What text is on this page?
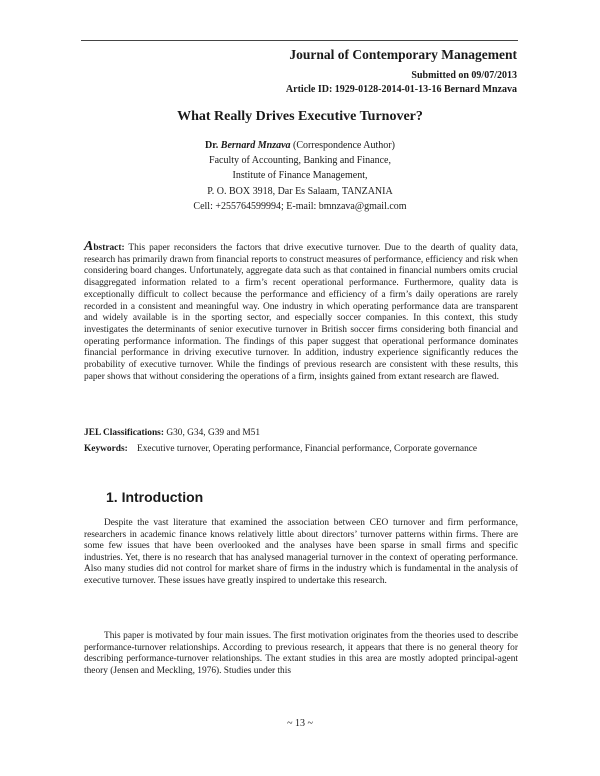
Journal of Contemporary Management
Submitted on 09/07/2013
Article ID: 1929-0128-2014-01-13-16 Bernard Mnzava
What Really Drives Executive Turnover?
Dr. Bernard Mnzava (Correspondence Author)
Faculty of Accounting, Banking and Finance,
Institute of Finance Management,
P. O. BOX 3918, Dar Es Salaam, TANZANIA
Cell: +255764599994; E-mail: bmnzava@gmail.com
Abstract: This paper reconsiders the factors that drive executive turnover. Due to the dearth of quality data, research has primarily drawn from financial reports to construct measures of performance, efficiency and risk when considering board changes. Unfortunately, aggregate data such as that contained in financial numbers omits crucial disaggregated information related to a firm’s recent operational performance. Furthermore, quality data is exceptionally difficult to collect because the performance and efficiency of a firm’s daily operations are rarely recorded in a consistent and meaningful way. One industry in which operating performance data are transparent and widely available is in the sporting sector, and especially soccer companies. In this context, this study investigates the determinants of senior executive turnover in British soccer firms considering both financial and operating performance information. The findings of this paper suggest that operational performance dominates financial performance in driving executive turnover. In addition, industry experience significantly reduces the probability of executive turnover. While the findings of previous research are consistent with these results, this paper shows that without considering the operations of a firm, insights gained from extant research are flawed.
JEL Classifications: G30, G34, G39 and M51
Keywords: Executive turnover, Operating performance, Financial performance, Corporate governance
1. Introduction
Despite the vast literature that examined the association between CEO turnover and firm performance, researchers in academic finance knows relatively little about directors’ turnover patterns within firms. There are some few issues that have been overlooked and the analyses have been sparse in small firms and specific industries. Yet, there is no research that has analysed managerial turnover in the context of operating performance. Also many studies did not control for market share of firms in the industry which is fundamental in the analysis of executive turnover. These issues have greatly inspired to undertake this research.
This paper is motivated by four main issues. The first motivation originates from the theories used to describe performance-turnover relationships. According to previous research, it appears that there is no general theory for describing performance-turnover relationships. The extant studies in this area are mostly adopted principal-agent theory (Jensen and Meckling, 1976). Studies under this
~ 13 ~
